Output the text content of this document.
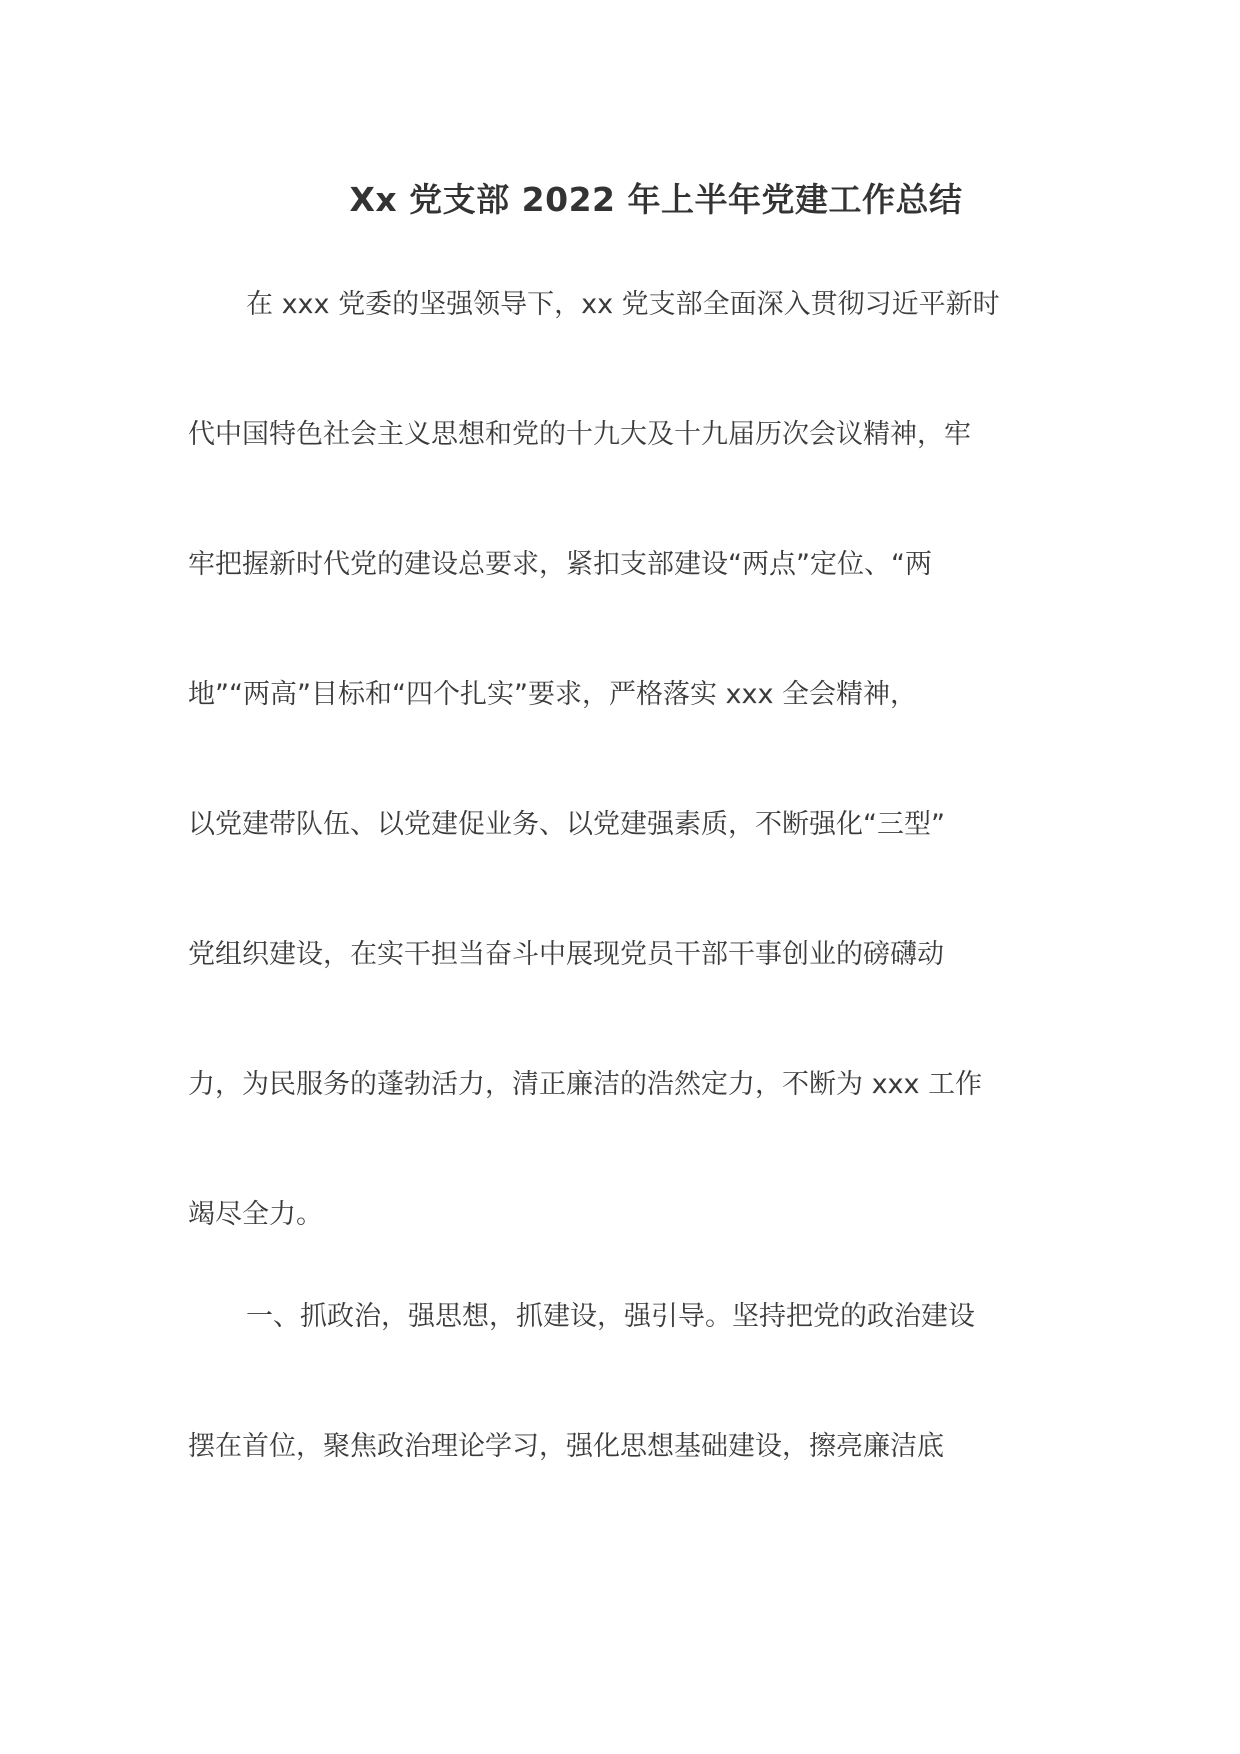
Xx 党支部 2022 年上半年党建工作总结
在 xxx 党委的坚强领导下，xx 党支部全面深入贯彻习近平新时
代中国特色社会主义思想和党的十九大及十九届历次会议精神，牢
牢把握新时代党的建设总要求，紧扣支部建设“两点”定位、“两
地”“两高”目标和“四个扎实”要求，严格落实 xxx 全会精神，
以党建带队伍、以党建促业务、以党建强素质，不断强化“三型”
党组织建设，在实干担当奋斗中展现党员干部干事创业的磅礴动
力，为民服务的蓬勃活力，清正廉洁的浩然定力，不断为 xxx 工作
竭尽全力。
一、抓政治，强思想，抓建设，强引导。坚持把党的政治建设
摆在首位，聚焦政治理论学习，强化思想基础建设，擦亮廉洁底
